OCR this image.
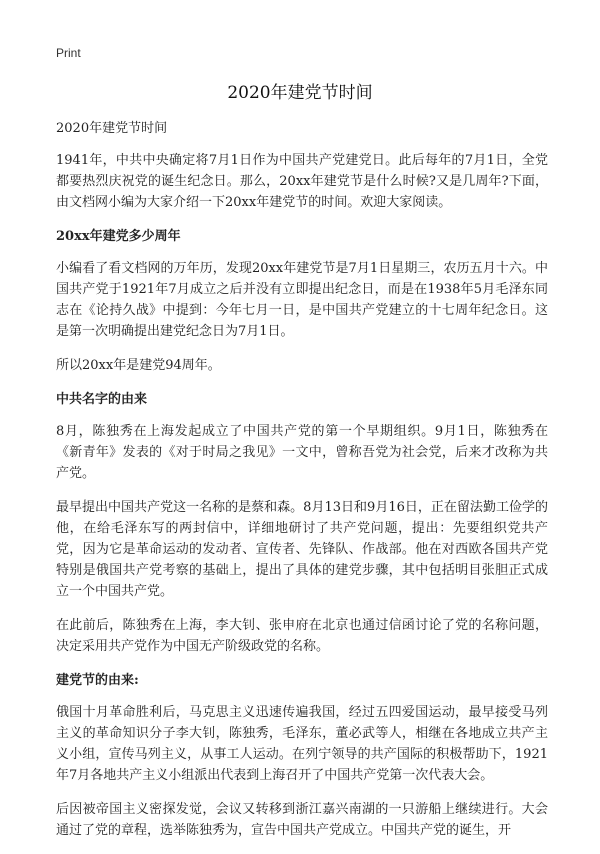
Print
2020年建党节时间

2020年建党节时间

1941年，中共中央确定将7月1日作为中国共产党建党日。此后每年的7月1日，全党都要热烈庆祝党的诞生纪念日。那么，20xx年建党节是什么时候?又是几周年?下面，由文档网小编为大家介绍一下20xx年建党节的时间。欢迎大家阅读。

20xx年建党多少周年

小编看了看文档网的万年历，发现20xx年建党节是7月1日星期三，农历五月十六。中国共产党于1921年7月成立之后并没有立即提出纪念日，而是在1938年5月毛泽东同志在《论持久战》中提到：今年七月一日，是中国共产党建立的十七周年纪念日。这是第一次明确提出建党纪念日为7月1日。

所以20xx年是建党94周年。

中共名字的由来

8月，陈独秀在上海发起成立了中国共产党的第一个早期组织。9月1日，陈独秀在《新青年》发表的《对于时局之我见》一文中，曾称吾党为社会党，后来才改称为共产党。

最早提出中国共产党这一名称的是蔡和森。8月13日和9月16日，正在留法勤工俭学的他，在给毛泽东写的两封信中，详细地研讨了共产党问题，提出：先要组织党共产党，因为它是革命运动的发动者、宣传者、先锋队、作战部。他在对西欧各国共产党特别是俄国共产党考察的基础上，提出了具体的建党步骤，其中包括明目张胆正式成立一个中国共产党。

在此前后，陈独秀在上海，李大钊、张申府在北京也通过信函讨论了党的名称问题，决定采用共产党作为中国无产阶级政党的名称。

建党节的由来:

俄国十月革命胜利后，马克思主义迅速传遍我国，经过五四爱国运动，最早接受马列主义的革命知识分子李大钊，陈独秀，毛泽东，董必武等人，相继在各地成立共产主义小组，宣传马列主义，从事工人运动。在列宁领导的共产国际的积极帮助下，1921年7月各地共产主义小组派出代表到上海召开了中国共产党第一次代表大会。

后因被帝国主义密探发觉，会议又转移到浙江嘉兴南湖的一只游船上继续进行。大会通过了党的章程，选举陈独秀为，宣告中国共产党成立。中国共产党的诞生，开
